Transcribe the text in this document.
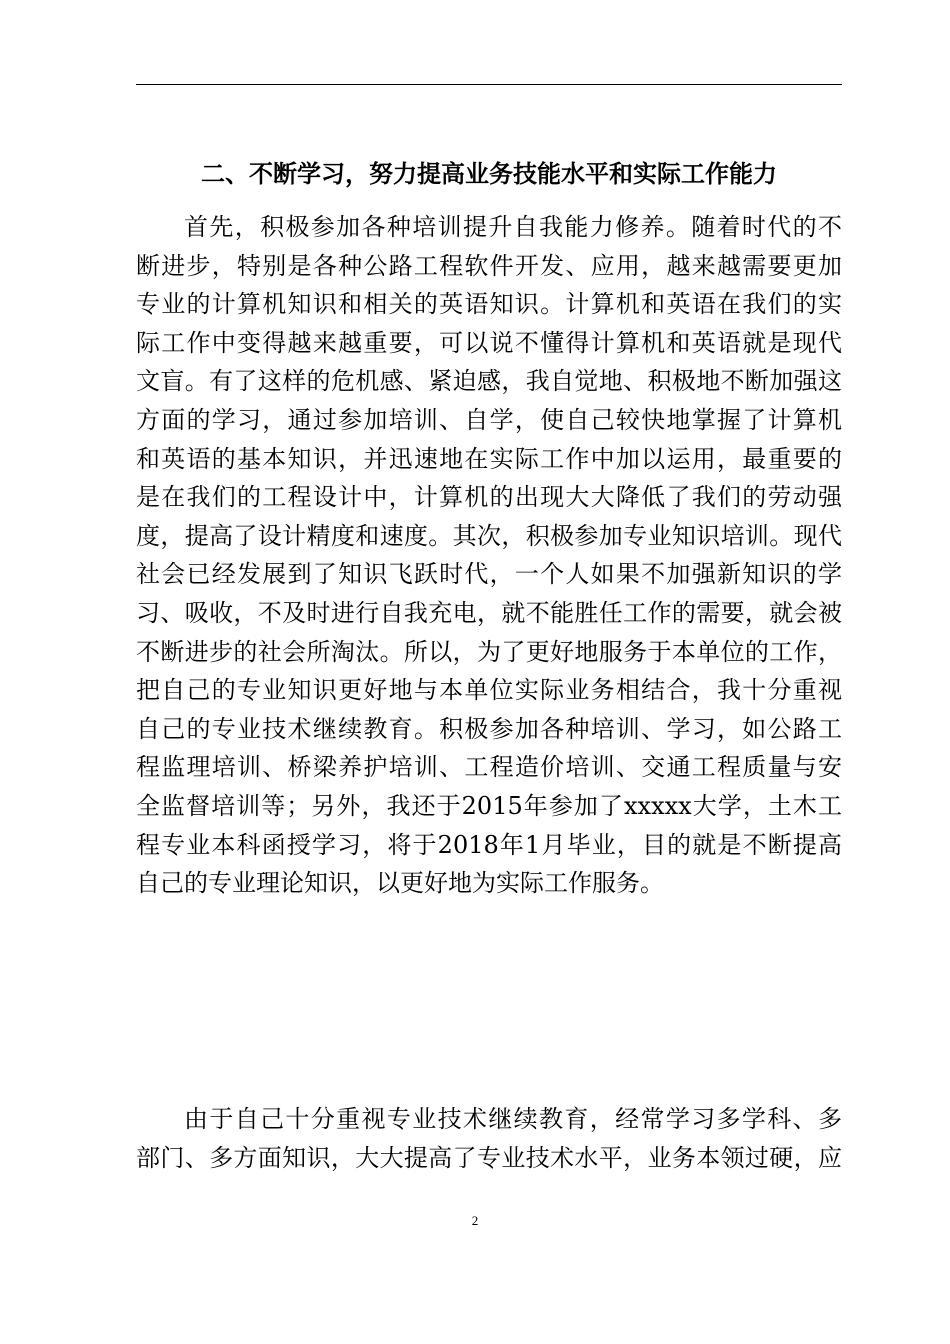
二、不断学习，努力提高业务技能水平和实际工作能力

首先，积极参加各种培训提升自我能力修养。随着时代的不
断进步，特别是各种公路工程软件开发、应用，越来越需要更加
专业的计算机知识和相关的英语知识。计算机和英语在我们的实
际工作中变得越来越重要，可以说不懂得计算机和英语就是现代
文盲。有了这样的危机感、紧迫感，我自觉地、积极地不断加强这
方面的学习，通过参加培训、自学，使自己较快地掌握了计算机
和英语的基本知识，并迅速地在实际工作中加以运用，最重要的
是在我们的工程设计中，计算机的出现大大降低了我们的劳动强
度，提高了设计精度和速度。其次，积极参加专业知识培训。现代
社会已经发展到了知识飞跃时代，一个人如果不加强新知识的学
习、吸收，不及时进行自我充电，就不能胜任工作的需要，就会被
不断进步的社会所淘汰。所以，为了更好地服务于本单位的工作，
把自己的专业知识更好地与本单位实际业务相结合，我十分重视
自己的专业技术继续教育。积极参加各种培训、学习，如公路工
程监理培训、桥梁养护培训、工程造价培训、交通工程质量与安
全监督培训等；另外，我还于2015年参加了xxxxx大学，土木工
程专业本科函授学习，将于2018年1月毕业，目的就是不断提高
自己的专业理论知识，以更好地为实际工作服务。

由于自己十分重视专业技术继续教育，经常学习多学科、多
部门、多方面知识，大大提高了专业技术水平，业务本领过硬，应

2
